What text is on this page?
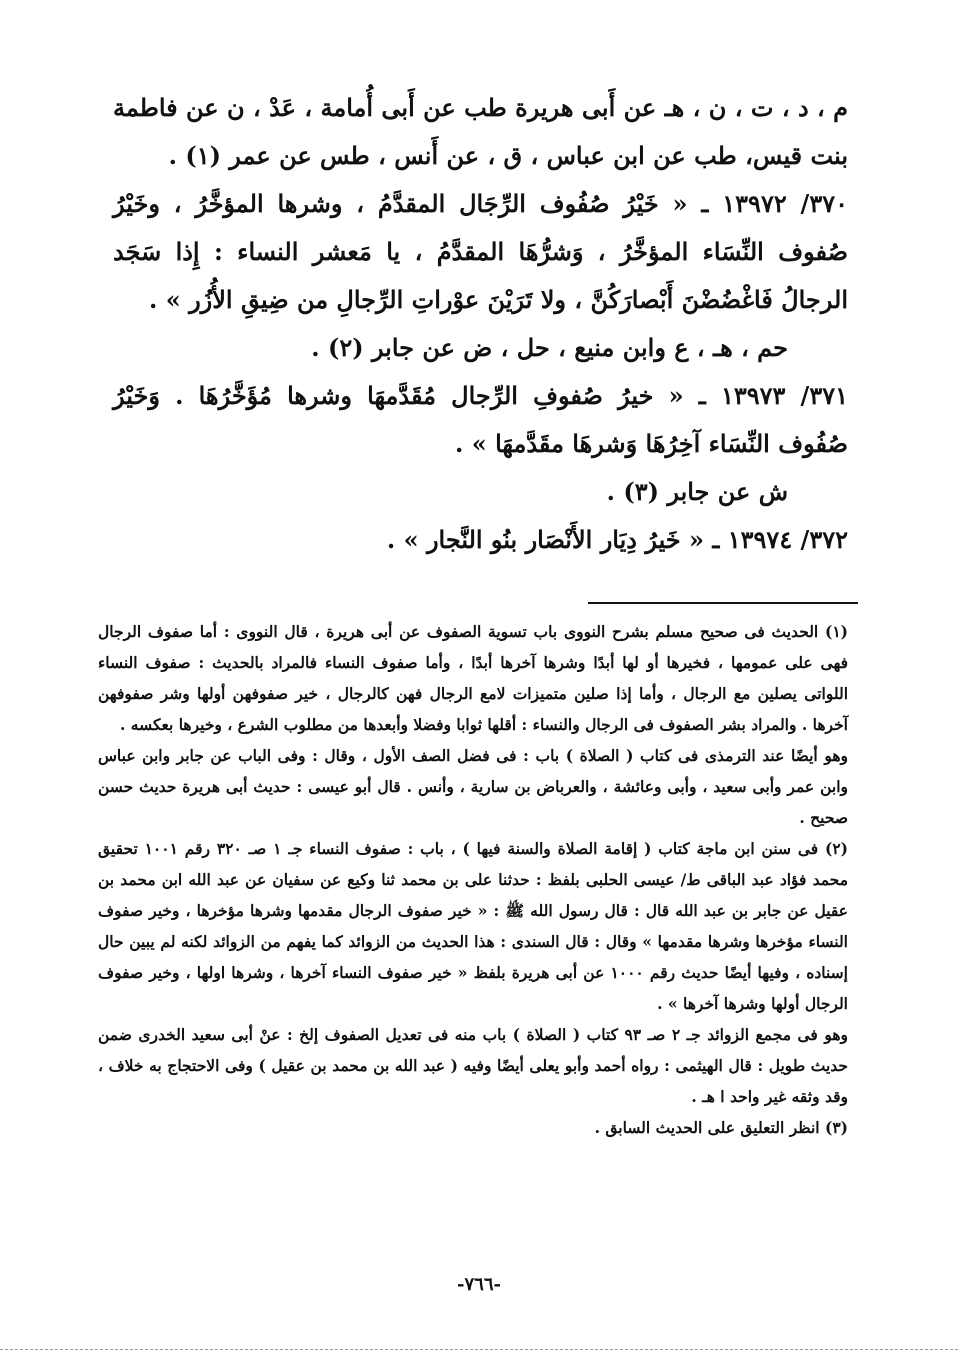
م ، د ، ت ، ن ، هـ عن أَبى هريرة طب عن أَبى أُمامة ، عَدْ ، ن عن فاطمة بنت قيس، طب عن ابن عباس ، ق ، عن أَنس ، طس عن عمر (١) .

٣٧٠/ ١٣٩٧٢ ـ « خَيْرُ صُفُوف الرِّجَال المقدَّمُ ، وشرها المؤخَّرُ ، وخَيْرُ صُفوف النِّسَاء المؤخَّرُ ، وَشرُّهَا المقدَّمُ ، يا مَعشر النساء : إِذا سَجَد الرجالُ فَاغْضُضْنَ أَبْصارَكُنَّ ، ولا تَرَيْنَ عوْراتِ الرِّجالِ من ضِيقِ الأُزُر » .

حم ، هـ ، ع وابن منيع ، حل ، ض عن جابر (٢) .

٣٧١/ ١٣٩٧٣ ـ « خيرُ صُفوفِ الرِّجال مُقَدَّمهَا وشرها مُؤَخَّرُهَا . وَخَيْرُ صُفُوف النِّسَاء آخِرُهَا وَشرهَا مقَدَّمهَا » .

ش عن جابر (٣) .

٣٧٢/ ١٣٩٧٤ ـ « خَيرُ دِيَار الأَنْصَار بنُو النَّجار » .

(١) الحديث فى صحيح مسلم بشرح النووى باب تسوية الصفوف عن أبى هريرة ، قال النووى : أما صفوف الرجال فهى على عمومها ، فخيرها أو لها أبدًا وشرها آخرها أبدًا ، وأما صفوف النساء فالمراد بالحديث : صفوف النساء اللواتى يصلين مع الرجال ، وأما إذا صلين متميزات لامع الرجال فهن كالرجال ، خير صفوفهن أولها وشر صفوفهن آخرها . والمراد بشر الصفوف فى الرجال والنساء : أقلها ثوابا وفضلا وأبعدها من مطلوب الشرع ، وخيرها بعكسه .

وهو أيضًا عند الترمذى فى كتاب ( الصلاة ) باب : فى فضل الصف الأول ، وقال : وفى الباب عن جابر وابن عباس وابن عمر وأبى سعيد ، وأبى وعائشة ، والعرباض بن سارية ، وأنس . قال أبو عيسى : حديث أبى هريرة حديث حسن صحيح .

(٢) فى سنن ابن ماجة كتاب ( إقامة الصلاة والسنة فيها ) ، باب : صفوف النساء جـ ١ صـ ٣٢٠ رقم ١٠٠١ تحقيق محمد فؤاد عبد الباقى ط/ عيسى الحلبى بلفظ : حدثنا على بن محمد ثنا وكيع عن سفيان عن عبد الله ابن محمد بن عقيل عن جابر بن عبد الله قال : قال رسول الله ﷺ : « خير صفوف الرجال مقدمها وشرها مؤخرها ، وخير صفوف النساء مؤخرها وشرها مقدمها » وقال : قال السندى : هذا الحديث من الزوائد كما يفهم من الزوائد لكنه لم يبين حال إسناده ، وفيها أيضًا حديث رقم ١٠٠٠ عن أبى هريرة بلفظ « خير صفوف النساء آخرها ، وشرها اولها ، وخير صفوف الرجال أولها وشرها آخرها » .

وهو فى مجمع الزوائد جـ ٢ صـ ٩٣ كتاب ( الصلاة ) باب منه فى تعديل الصفوف إلخ : عنْ أبى سعيد الخدرى ضمن حديث طويل : قال الهيثمى : رواه أحمد وأبو يعلى أيضًا وفيه ( عبد الله بن محمد بن عقيل ) وفى الاحتجاج به خلاف ، وقد وثقه غير واحد ا هـ .

(٣) انظر التعليق على الحديث السابق .

-٧٦٦-
